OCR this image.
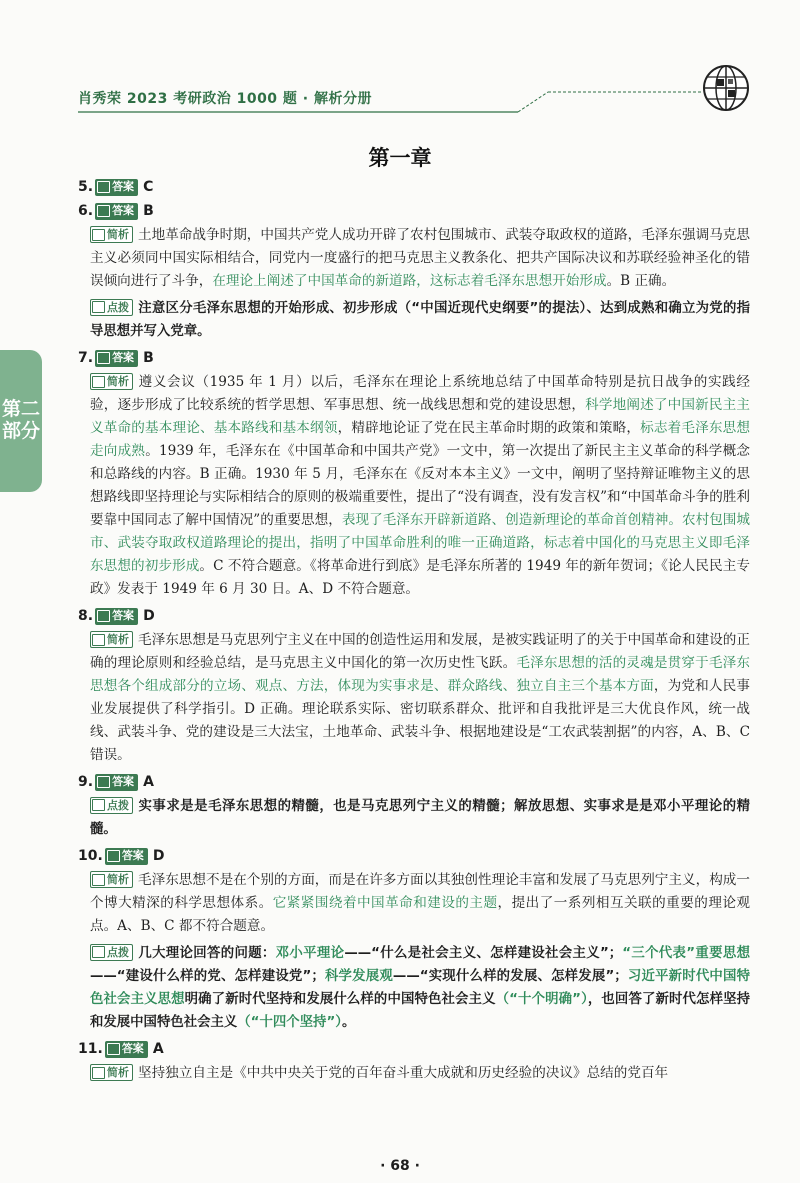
肖秀荣 2023 考研政治 1000 题 · 解析分册
第二
部分
第一章
5. 答案 C
6. 答案 B
简析 土地革命战争时期，中国共产党人成功开辟了农村包围城市、武装夺取政权的道路，毛泽东强调马克思主义必须同中国实际相结合，同党内一度盛行的把马克思主义教条化、把共产国际决议和苏联经验神圣化的错误倾向进行了斗争，在理论上阐述了中国革命的新道路，这标志着毛泽东思想开始形成。B 正确。
点拨 注意区分毛泽东思想的开始形成、初步形成（“中国近现代史纲要”的提法）、达到成熟和确立为党的指导思想并写入党章。
7. 答案 B
简析 遵义会议（1935 年 1 月）以后，毛泽东在理论上系统地总结了中国革命特别是抗日战争的实践经验，逐步形成了比较系统的哲学思想、军事思想、统一战线思想和党的建设思想，科学地阐述了中国新民主主义革命的基本理论、基本路线和基本纲领，精辟地论证了党在民主革命时期的政策和策略，标志着毛泽东思想走向成熟。1939 年，毛泽东在《中国革命和中国共产党》一文中，第一次提出了新民主主义革命的科学概念和总路线的内容。B 正确。1930 年 5 月，毛泽东在《反对本本主义》一文中，阐明了坚持辩证唯物主义的思想路线即坚持理论与实际相结合的原则的极端重要性，提出了“没有调查，没有发言权”和“中国革命斗争的胜利要靠中国同志了解中国情况”的重要思想，表现了毛泽东开辟新道路、创造新理论的革命首创精神。农村包围城市、武装夺取政权道路理论的提出，指明了中国革命胜利的唯一正确道路，标志着中国化的马克思主义即毛泽东思想的初步形成。C 不符合题意。《将革命进行到底》是毛泽东所著的 1949 年的新年贺词；《论人民民主专政》发表于 1949 年 6 月 30 日。A、D 不符合题意。
8. 答案 D
简析 毛泽东思想是马克思列宁主义在中国的创造性运用和发展，是被实践证明了的关于中国革命和建设的正确的理论原则和经验总结，是马克思主义中国化的第一次历史性飞跃。毛泽东思想的活的灵魂是贯穿于毛泽东思想各个组成部分的立场、观点、方法，体现为实事求是、群众路线、独立自主三个基本方面，为党和人民事业发展提供了科学指引。D 正确。理论联系实际、密切联系群众、批评和自我批评是三大优良作风，统一战线、武装斗争、党的建设是三大法宝，土地革命、武装斗争、根据地建设是“工农武装割据”的内容，A、B、C 错误。
9. 答案 A
点拨 实事求是是毛泽东思想的精髓，也是马克思列宁主义的精髓；解放思想、实事求是是邓小平理论的精髓。
10. 答案 D
简析 毛泽东思想不是在个别的方面，而是在许多方面以其独创性理论丰富和发展了马克思列宁主义，构成一个博大精深的科学思想体系。它紧紧围绕着中国革命和建设的主题，提出了一系列相互关联的重要的理论观点。A、B、C 都不符合题意。
点拨 几大理论回答的问题：邓小平理论——“什么是社会主义、怎样建设社会主义”；“三个代表”重要思想——“建设什么样的党、怎样建设党”；科学发展观——“实现什么样的发展、怎样发展”；习近平新时代中国特色社会主义思想明确了新时代坚持和发展什么样的中国特色社会主义（“十个明确”），也回答了新时代怎样坚持和发展中国特色社会主义（“十四个坚持”）。
11. 答案 A
简析 坚持独立自主是《中共中央关于党的百年奋斗重大成就和历史经验的决议》总结的党百年
· 68 ·
